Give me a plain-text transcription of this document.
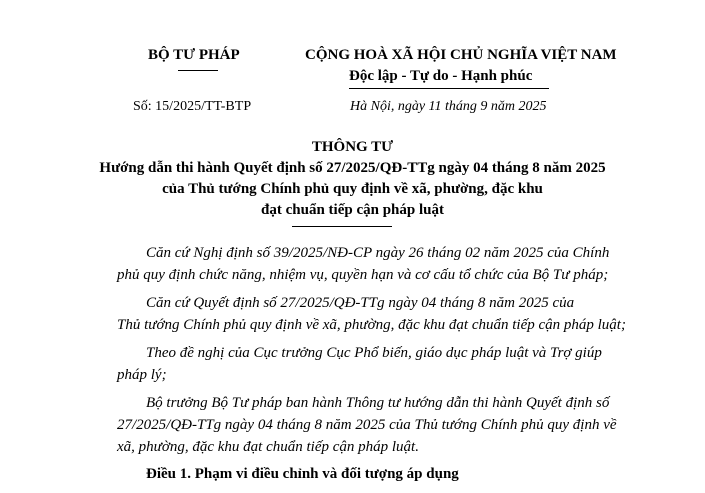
BỘ TƯ PHÁP	CỘNG HOÀ XÃ HỘI CHỦ NGHĨA VIỆT NAM
Độc lập - Tự do - Hạnh phúc
Số: 15/2025/TT-BTP	Hà Nội, ngày 11 tháng 9 năm 2025
THÔNG TƯ
Hướng dẫn thi hành Quyết định số 27/2025/QĐ-TTg ngày 04 tháng 8 năm 2025
của Thủ tướng Chính phủ quy định về xã, phường, đặc khu
đạt chuẩn tiếp cận pháp luật
Căn cứ Nghị định số 39/2025/NĐ-CP ngày 26 tháng 02 năm 2025 của Chính
phủ quy định chức năng, nhiệm vụ, quyền hạn và cơ cấu tổ chức của Bộ Tư pháp;
Căn cứ Quyết định số 27/2025/QĐ-TTg ngày 04 tháng 8 năm 2025 của
Thủ tướng Chính phủ quy định về xã, phường, đặc khu đạt chuẩn tiếp cận pháp luật;
Theo đề nghị của Cục trưởng Cục Phổ biến, giáo dục pháp luật và Trợ giúp
pháp lý;
Bộ trưởng Bộ Tư pháp ban hành Thông tư hướng dẫn thi hành Quyết định số
27/2025/QĐ-TTg ngày 04 tháng 8 năm 2025 của Thủ tướng Chính phủ quy định về
xã, phường, đặc khu đạt chuẩn tiếp cận pháp luật.
Điều 1. Phạm vi điều chỉnh và đối tượng áp dụng
